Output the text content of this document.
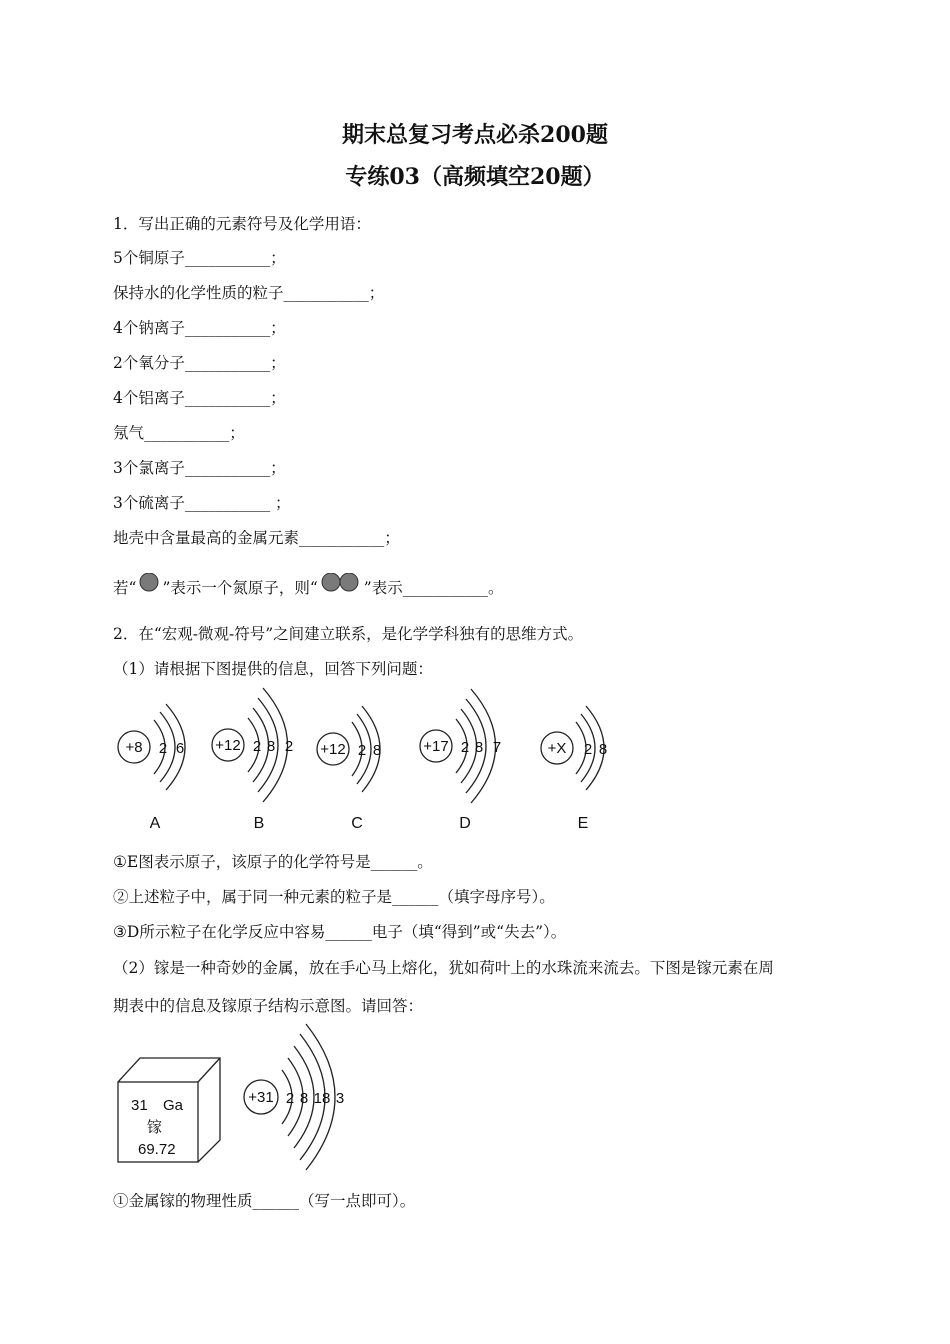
期末总复习考点必杀200题
专练03（高频填空20题）
1．写出正确的元素符号及化学用语：
5个铜原子___________；
保持水的化学性质的粒子___________；
4个钠离子___________；
2个氧分子___________；
4个铝离子___________；
氖气___________；
3个氯离子___________；
3个硫离子___________ ；
地壳中含量最高的金属元素___________；
若“ ”表示一个氮原子，则“	”表示___________。
2．在“宏观-微观-符号”之间建立联系，是化学学科独有的思维方式。
（1）请根据下图提供的信息，回答下列问题：
+8	+12	+12	+17	+X
2 6	2 8 2	2 8	2 8 7	2 8
A	B	C	D	E
①E图表示原子，该原子的化学符号是______。
②上述粒子中，属于同一种元素的粒子是______（填字母序号）。
③D所示粒子在化学反应中容易______电子（填“得到”或“失去”）。
（2）镓是一种奇妙的金属，放在手心马上熔化，犹如荷叶上的水珠流来流去。下图是镓元素在周
期表中的信息及镓原子结构示意图。请回答：
31 Ga
镓
69.72
+31 2 8 18 3
①金属镓的物理性质______（写一点即可）。
